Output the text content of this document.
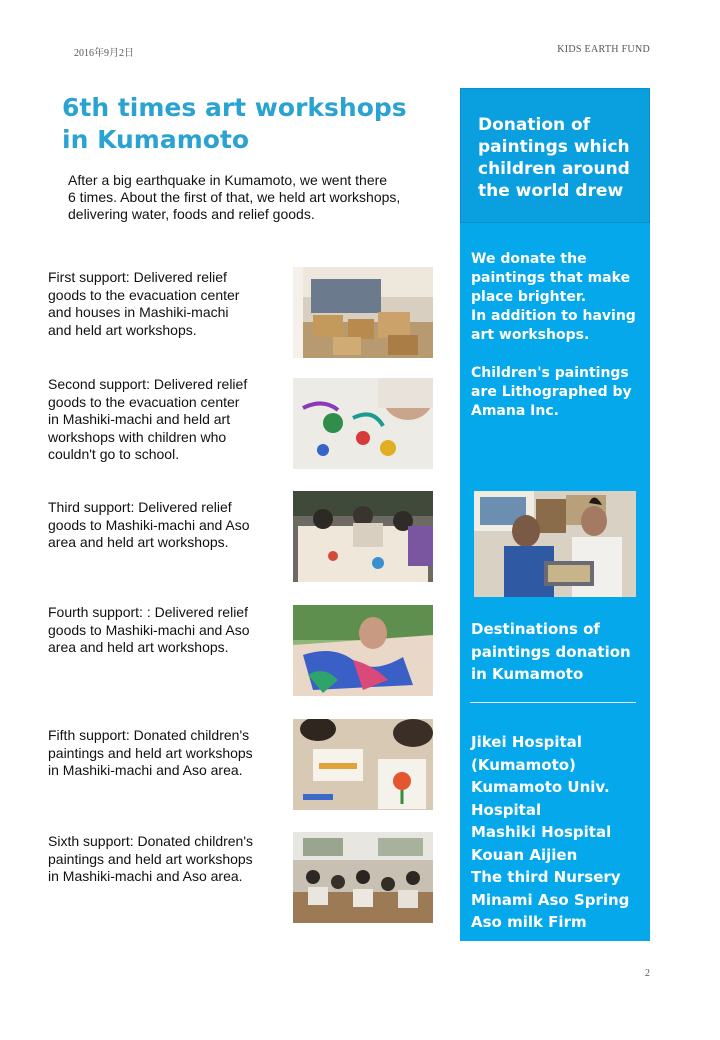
2016年9月2日	KIDS EARTH FUND
6th times art workshops
in Kumamoto
After a big earthquake in Kumamoto, we went there
6 times. About the first of that, we held art workshops,
delivering water, foods and relief goods.
First support: Delivered relief
goods to the evacuation center
and houses in Mashiki-machi
and held art workshops.
Second support: Delivered relief
goods to the evacuation center
in Mashiki-machi and held art
workshops with children who
couldn't go to school.
Third support: Delivered relief
goods to Mashiki-machi and Aso
area and held art workshops.
Fourth support: : Delivered relief
goods to Mashiki-machi and Aso
area and held art workshops.
Fifth support: Donated children's
paintings and held art workshops
in Mashiki-machi and Aso area.
Sixth support: Donated children's
paintings and held art workshops
in Mashiki-machi and Aso area.
Donation of
paintings which
children around
the world drew
We donate the
paintings that make
place brighter.
In addition to having
art workshops.

Children's paintings
are Lithographed by
Amana Inc.
Destinations of
paintings donation
in Kumamoto
Jikei Hospital
(Kumamoto)
Kumamoto Univ.
Hospital
Mashiki Hospital
Kouan Aijien
The third Nursery
Minami Aso Spring
Aso milk Firm
2
